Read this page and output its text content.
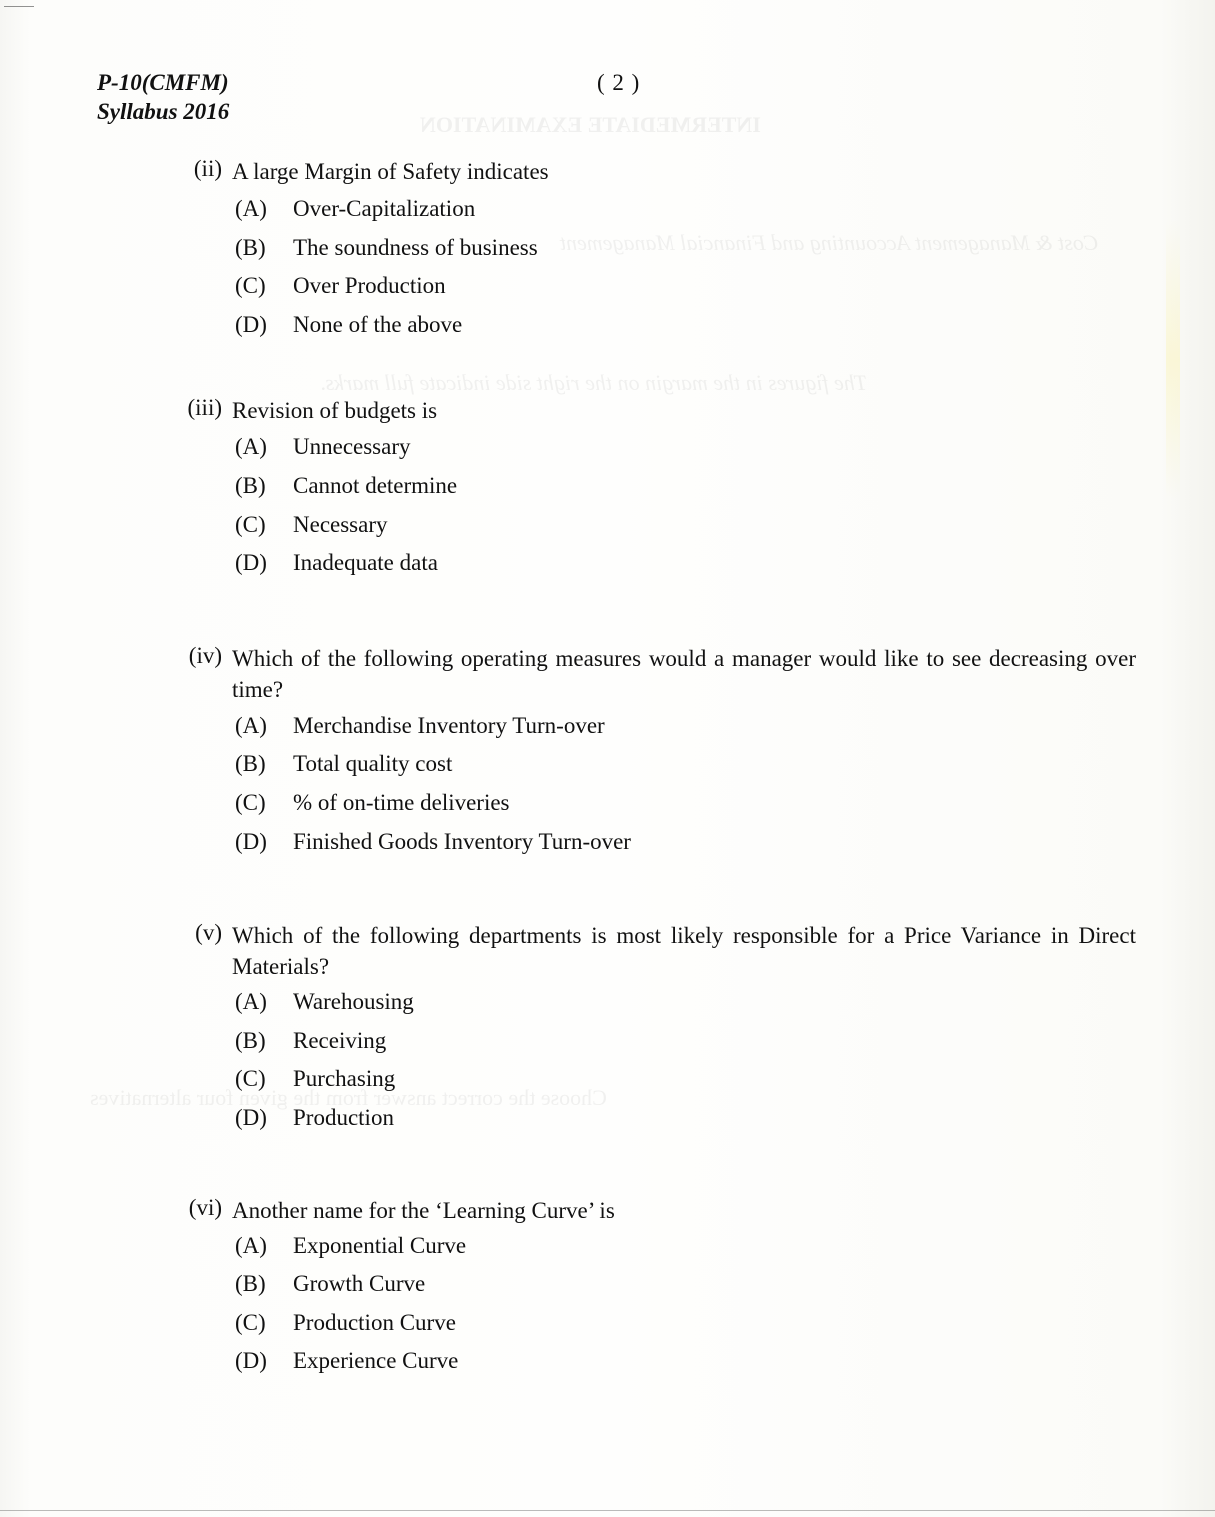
INTERMEDIATE EXAMINATION
Cost & Management Accounting and Financial Management
The figures in the margin on the right side indicate full marks.
Choose the correct answer from the given four alternatives
P-10(CMFM)
Syllabus 2016
( 2 )
(ii) A large Margin of Safety indicates
(A)	Over-Capitalization
(B)	The soundness of business
(C)	Over Production
(D)	None of the above
(iii) Revision of budgets is
(A)	Unnecessary
(B)	Cannot determine
(C)	Necessary
(D)	Inadequate data
(iv) Which of the following operating measures would a manager would like to see decreasing over time?
(A)	Merchandise Inventory Turn-over
(B)	Total quality cost
(C)	% of on-time deliveries
(D)	Finished Goods Inventory Turn-over
(v) Which of the following departments is most likely responsible for a Price Variance in Direct Materials?
(A)	Warehousing
(B)	Receiving
(C)	Purchasing
(D)	Production
(vi) Another name for the ‘Learning Curve’ is
(A)	Exponential Curve
(B)	Growth Curve
(C)	Production Curve
(D)	Experience Curve
